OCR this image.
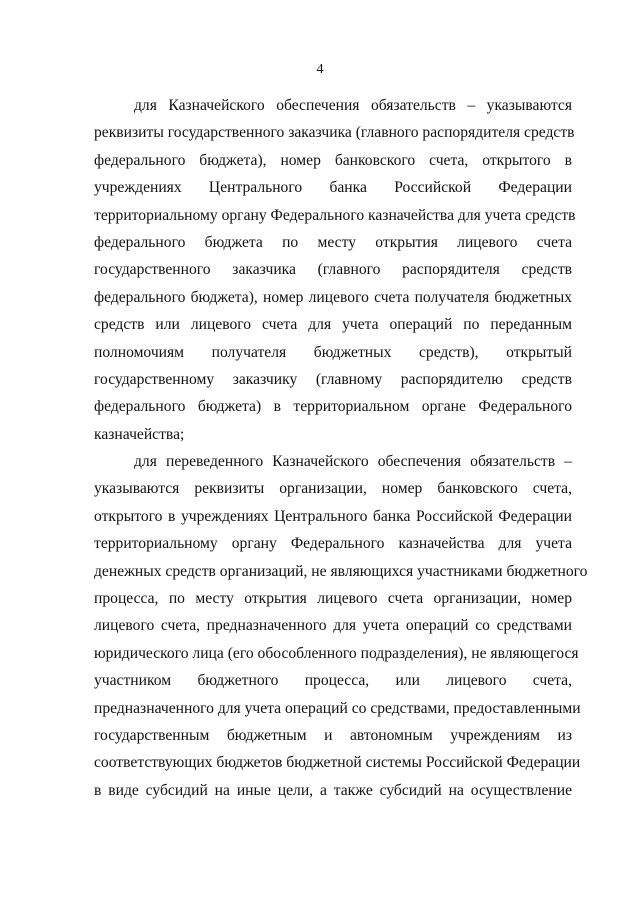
4
для Казначейского обеспечения обязательств – указываются
реквизиты государственного заказчика (главного распорядителя средств
федерального бюджета), номер банковского счета, открытого в
учреждениях Центрального банка Российской Федерации
территориальному органу Федерального казначейства для учета средств
федерального бюджета по месту открытия лицевого счета
государственного заказчика (главного распорядителя средств
федерального бюджета), номер лицевого счета получателя бюджетных
средств или лицевого счета для учета операций по переданным
полномочиям получателя бюджетных средств), открытый
государственному заказчику (главному распорядителю средств
федерального бюджета) в территориальном органе Федерального
казначейства;
для переведенного Казначейского обеспечения обязательств –
указываются реквизиты организации, номер банковского счета,
открытого в учреждениях Центрального банка Российской Федерации
территориальному органу Федерального казначейства для учета
денежных средств организаций, не являющихся участниками бюджетного
процесса, по месту открытия лицевого счета организации, номер
лицевого счета, предназначенного для учета операций со средствами
юридического лица (его обособленного подразделения), не являющегося
участником бюджетного процесса, или лицевого счета,
предназначенного для учета операций со средствами, предоставленными
государственным бюджетным и автономным учреждениям из
соответствующих бюджетов бюджетной системы Российской Федерации
в виде субсидий на иные цели, а также субсидий на осуществление
